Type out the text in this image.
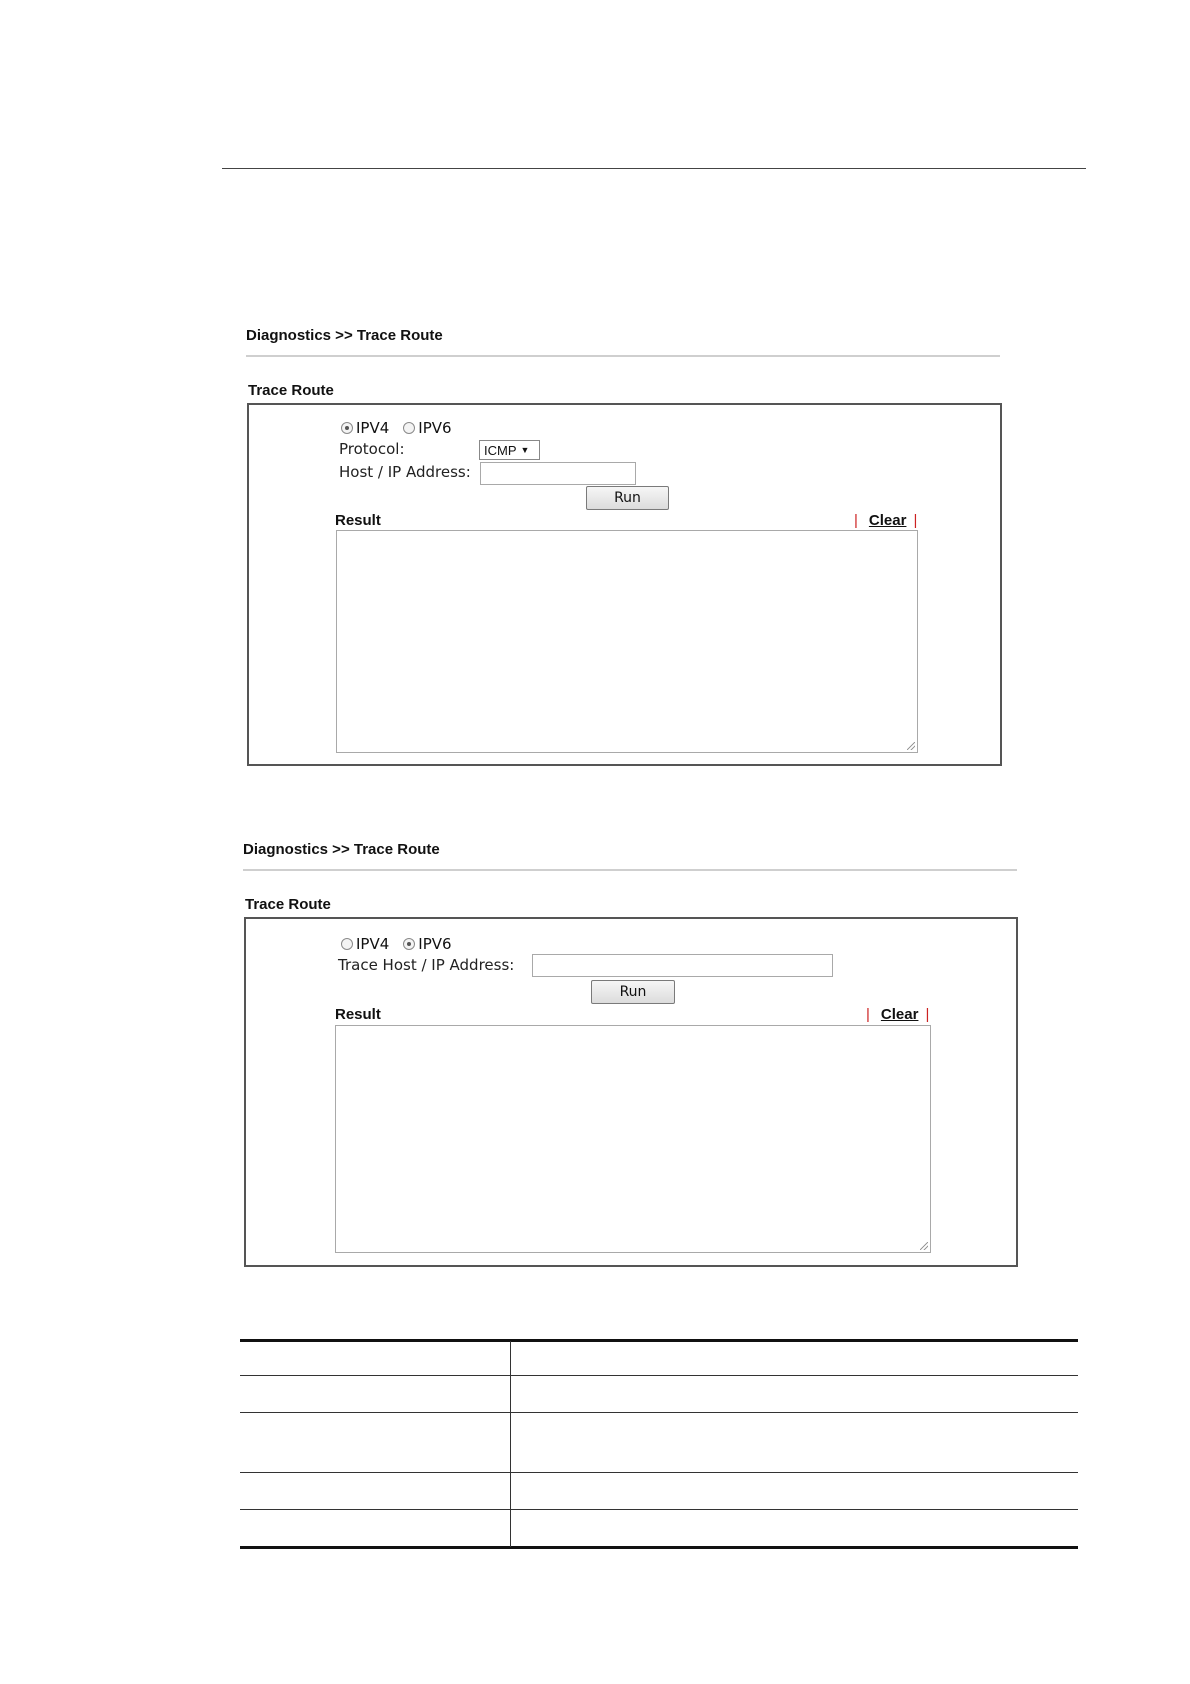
Diagnostics >> Trace Route
Trace Route
IPV4 IPV6
Protocol:	ICMP ▼
Host / IP Address:
Run
Result	| Clear |
Diagnostics >> Trace Route
Trace Route
IPV4 IPV6
Trace Host / IP Address:
Run
Result	| Clear |
